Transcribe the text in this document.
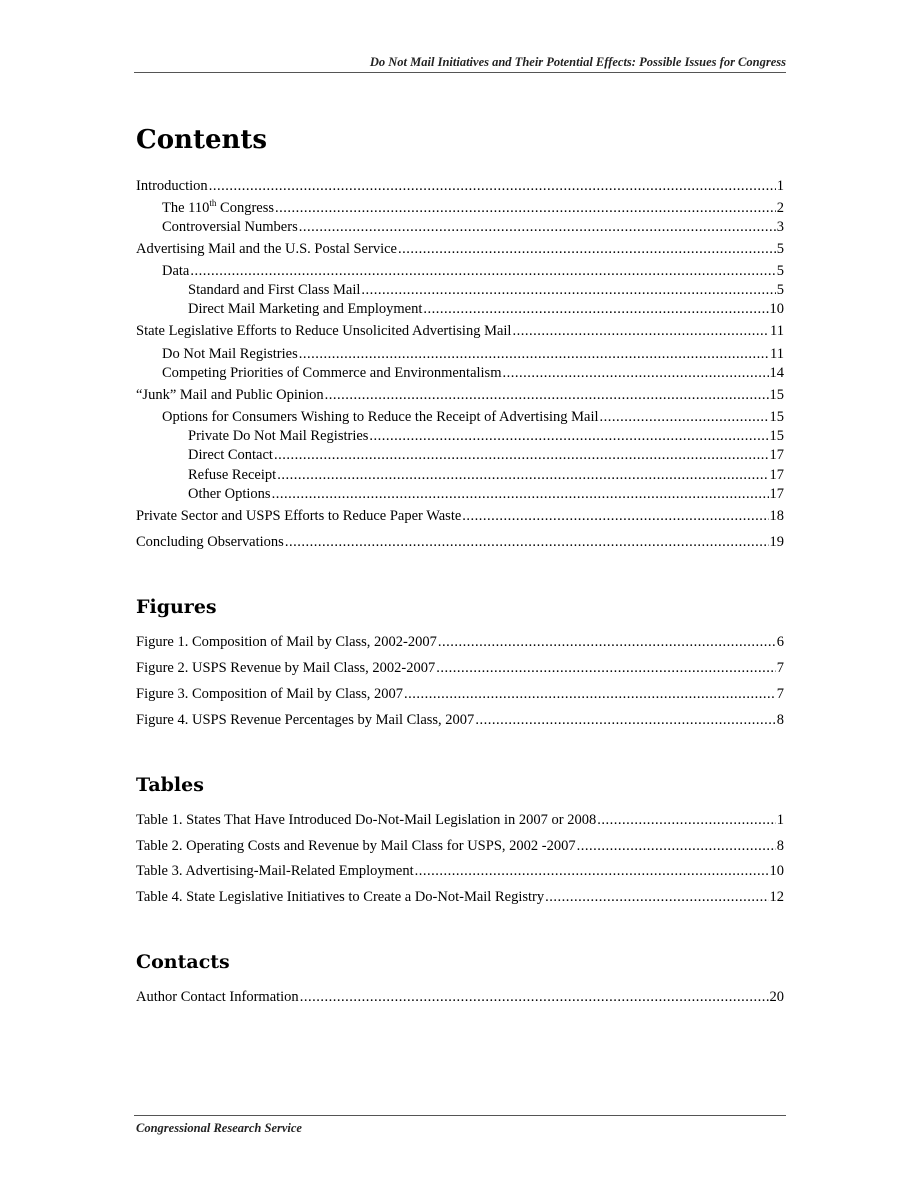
Do Not Mail Initiatives and Their Potential Effects: Possible Issues for Congress
Contents
Introduction .....	1
The 110th Congress .....	2
Controversial Numbers .....	3
Advertising Mail and the U.S. Postal Service .....	5
Data .....	5
Standard and First Class Mail .....	5
Direct Mail Marketing and Employment .....	10
State Legislative Efforts to Reduce Unsolicited Advertising Mail .....	11
Do Not Mail Registries .....	11
Competing Priorities of Commerce and Environmentalism .....	14
“Junk” Mail and Public Opinion .....	15
Options for Consumers Wishing to Reduce the Receipt of Advertising Mail .....	15
Private Do Not Mail Registries .....	15
Direct Contact .....	17
Refuse Receipt .....	17
Other Options .....	17
Private Sector and USPS Efforts to Reduce Paper Waste .....	18
Concluding Observations .....	19
Figures
Figure 1. Composition of Mail by Class, 2002-2007 .....	6
Figure 2. USPS Revenue by Mail Class, 2002-2007 .....	7
Figure 3. Composition of Mail by Class, 2007 .....	7
Figure 4. USPS Revenue Percentages by Mail Class, 2007 .....	8
Tables
Table 1. States That Have Introduced Do-Not-Mail Legislation in 2007 or 2008 .....	1
Table 2. Operating Costs and Revenue by Mail Class for USPS, 2002 -2007 .....	8
Table 3. Advertising-Mail-Related Employment .....	10
Table 4. State Legislative Initiatives to Create a Do-Not-Mail Registry .....	12
Contacts
Author Contact Information .....	20
Congressional Research Service
